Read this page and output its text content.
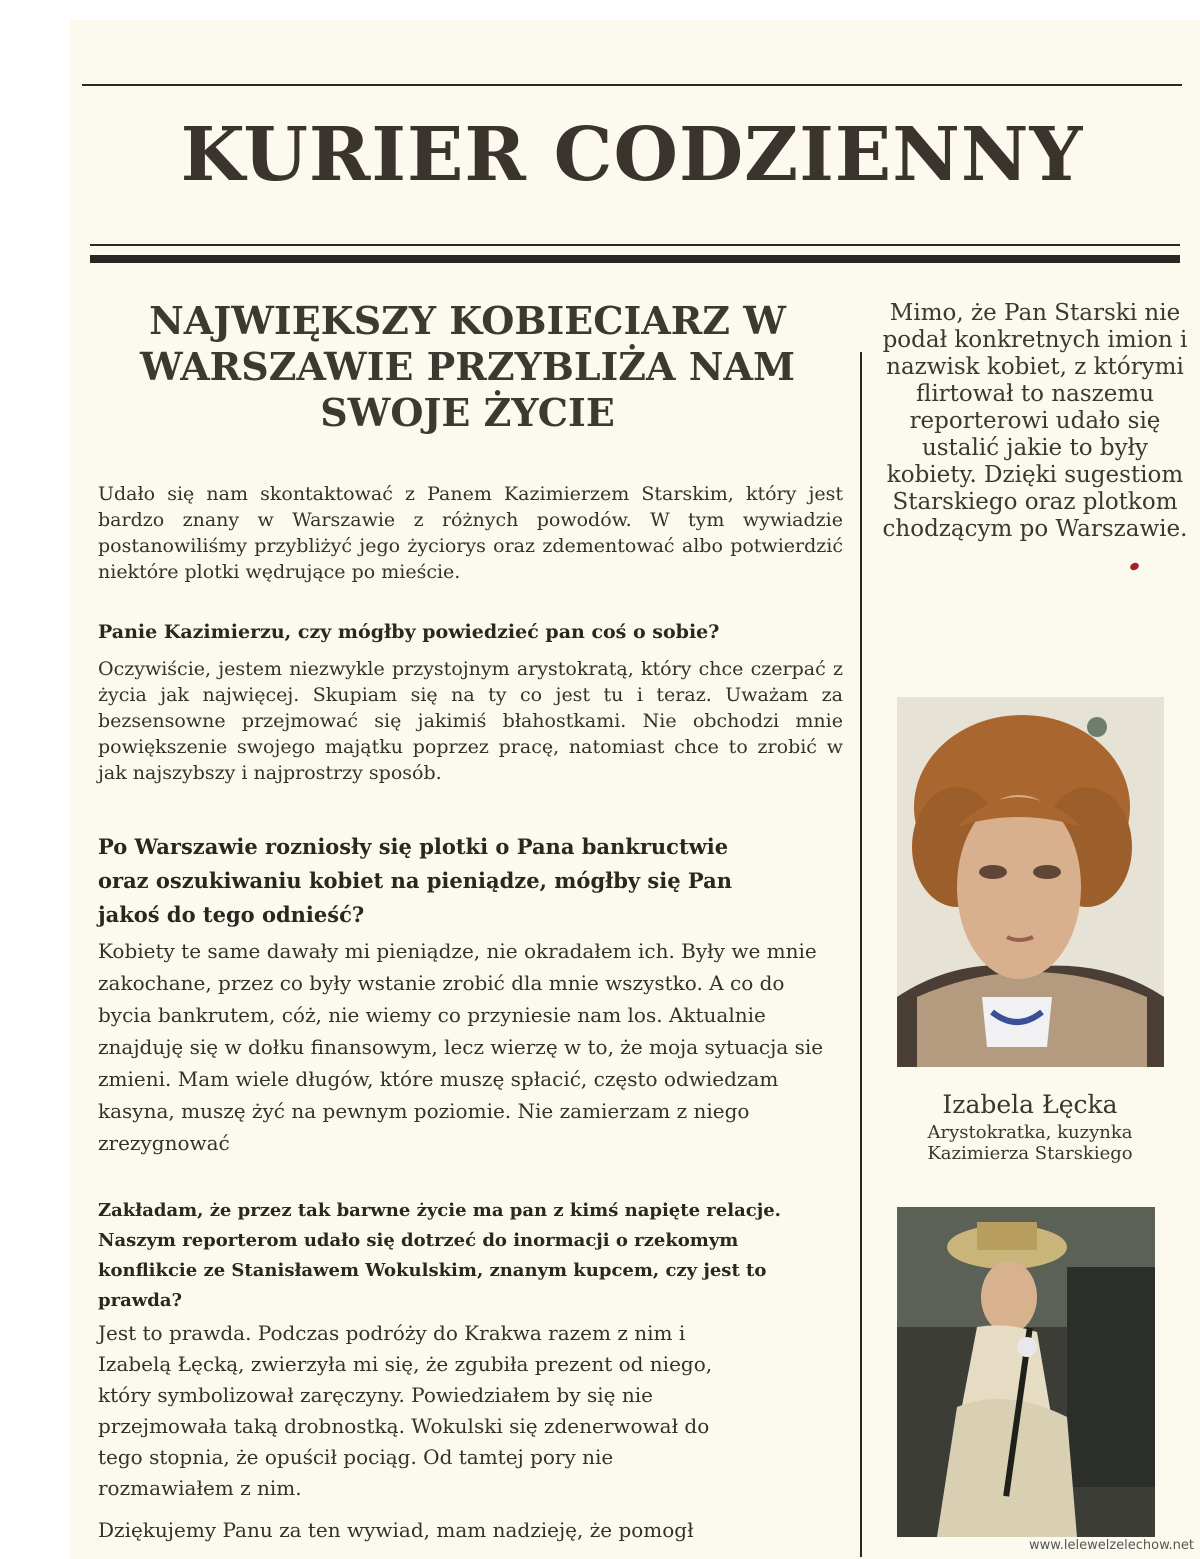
KURIER CODZIENNY
NAJWIĘKSZY KOBIECIARZ W WARSZAWIE PRZYBLIŻA NAM SWOJE ŻYCIE

Udało się nam skontaktować z Panem Kazimierzem Starskim, który jest bardzo znany w Warszawie z różnych powodów. W tym wywiadzie postanowiliśmy przybliżyć jego życiorys oraz zdementować albo potwierdzić niektóre plotki wędrujące po mieście.

Panie Kazimierzu, czy mógłby powiedzieć pan coś o sobie?

Oczywiście, jestem niezwykle przystojnym arystokratą, który chce czerpać z życia jak najwięcej. Skupiam się na ty co jest tu i teraz. Uważam za bezsensowne przejmować się jakimiś błahostkami. Nie obchodzi mnie powiększenie swojego majątku poprzez pracę, natomiast chce to zrobić w jak najszybszy i najprostrzy sposób.

Po Warszawie rozniosły się plotki o Pana bankructwie oraz oszukiwaniu kobiet na pieniądze, mógłby się Pan jakoś do tego odnieść?

Kobiety te same dawały mi pieniądze, nie okradałem ich. Były we mnie zakochane, przez co były wstanie zrobić dla mnie wszystko. A co do bycia bankrutem, cóż, nie wiemy co przyniesie nam los. Aktualnie znajduję się w dołku finansowym, lecz wierzę w to, że moja sytuacja sie zmieni. Mam wiele długów, które muszę spłacić, często odwiedzam kasyna, muszę żyć na pewnym poziomie. Nie zamierzam z niego zrezygnować

Zakładam, że przez tak barwne życie ma pan z kimś napięte relacje. Naszym reporterom udało się dotrzeć do inormacji o rzekomym konflikcie ze Stanisławem Wokulskim, znanym kupcem, czy jest to prawda?

Jest to prawda. Podczas podróży do Krakwa razem z nim i Izabelą Łęcką, zwierzyła mi się, że zgubiła prezent od niego, który symbolizował zaręczyny. Powiedziałem by się nie przejmowała taką drobnostką. Wokulski się zdenerwował do tego stopnia, że opuścił pociąg. Od tamtej pory nie rozmawiałem z nim.

Dziękujemy Panu za ten wywiad, mam nadzieję, że pomogł

Mimo, że Pan Starski nie podał konkretnych imion i nazwisk kobiet, z którymi flirtował to naszemu reporterowi udało się ustalić jakie to były kobiety. Dzięki sugestiom Starskiego oraz plotkom chodzącym po Warszawie.

Izabela Łęcka
Arystokratka, kuzynka Kazimierza Starskiego
www.lelewelzelechow.net
